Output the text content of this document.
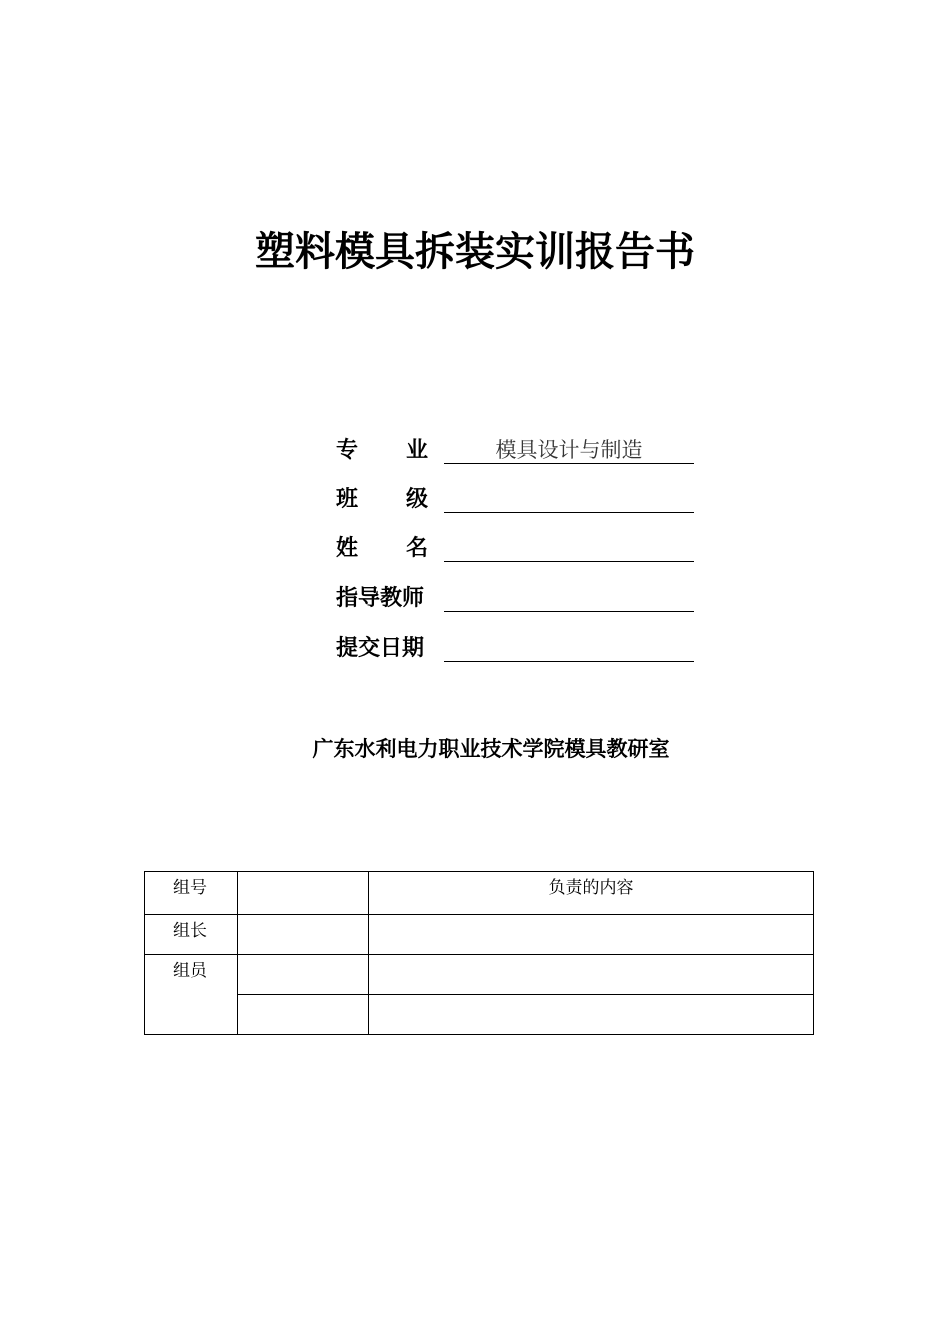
塑料模具拆装实训报告书
专业 模具设计与制造
班级
姓名
指导教师
提交日期
广东水利电力职业技术学院模具教研室
组号		负责的内容
组长		
组员		
